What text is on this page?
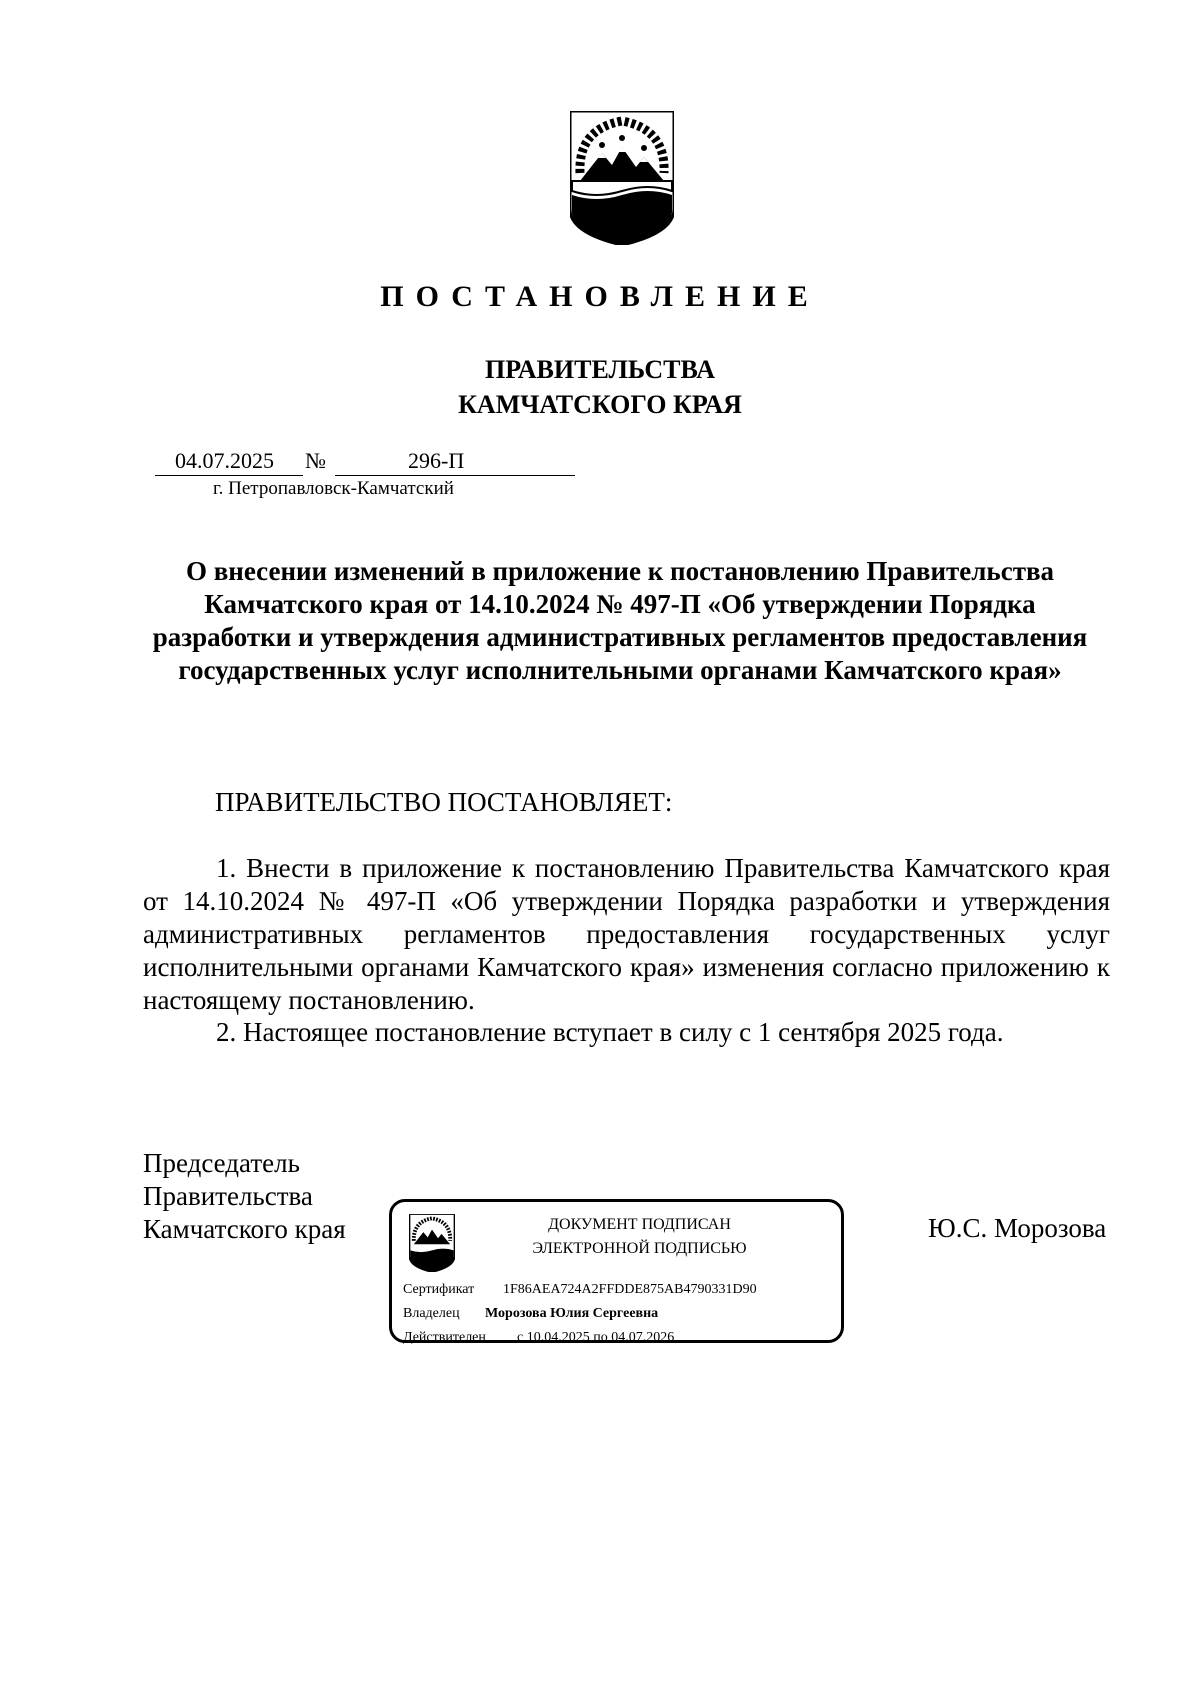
ПОСТАНОВЛЕНИЕ
ПРАВИТЕЛЬСТВА
КАМЧАТСКОГО КРАЯ
04.07.2025 №	296-П
г. Петропавловск-Камчатский
О внесении изменений в приложение к постановлению Правительства Камчатского края от 14.10.2024 № 497-П «Об утверждении Порядка разработки и утверждения административных регламентов предоставления государственных услуг исполнительными органами Камчатского края»
ПРАВИТЕЛЬСТВО ПОСТАНОВЛЯЕТ:
1. Внести в приложение к постановлению Правительства Камчатского края от 14.10.2024 № 497-П «Об утверждении Порядка разработки и утверждения административных регламентов предоставления государственных услуг исполнительными органами Камчатского края» изменения согласно приложению к настоящему постановлению.
2. Настоящее постановление вступает в силу с 1 сентября 2025 года.
Председатель
Правительства
Камчатского края	ДОКУМЕНТ ПОДПИСАН
ЭЛЕКТРОННОЙ ПОДПИСЬЮ
Сертификат 1F86AEA724A2FFDDE875AB4790331D90
Владелец Морозова Юлия Сергеевна
Действителен с 10.04.2025 по 04.07.2026
Ю.С. Морозова
